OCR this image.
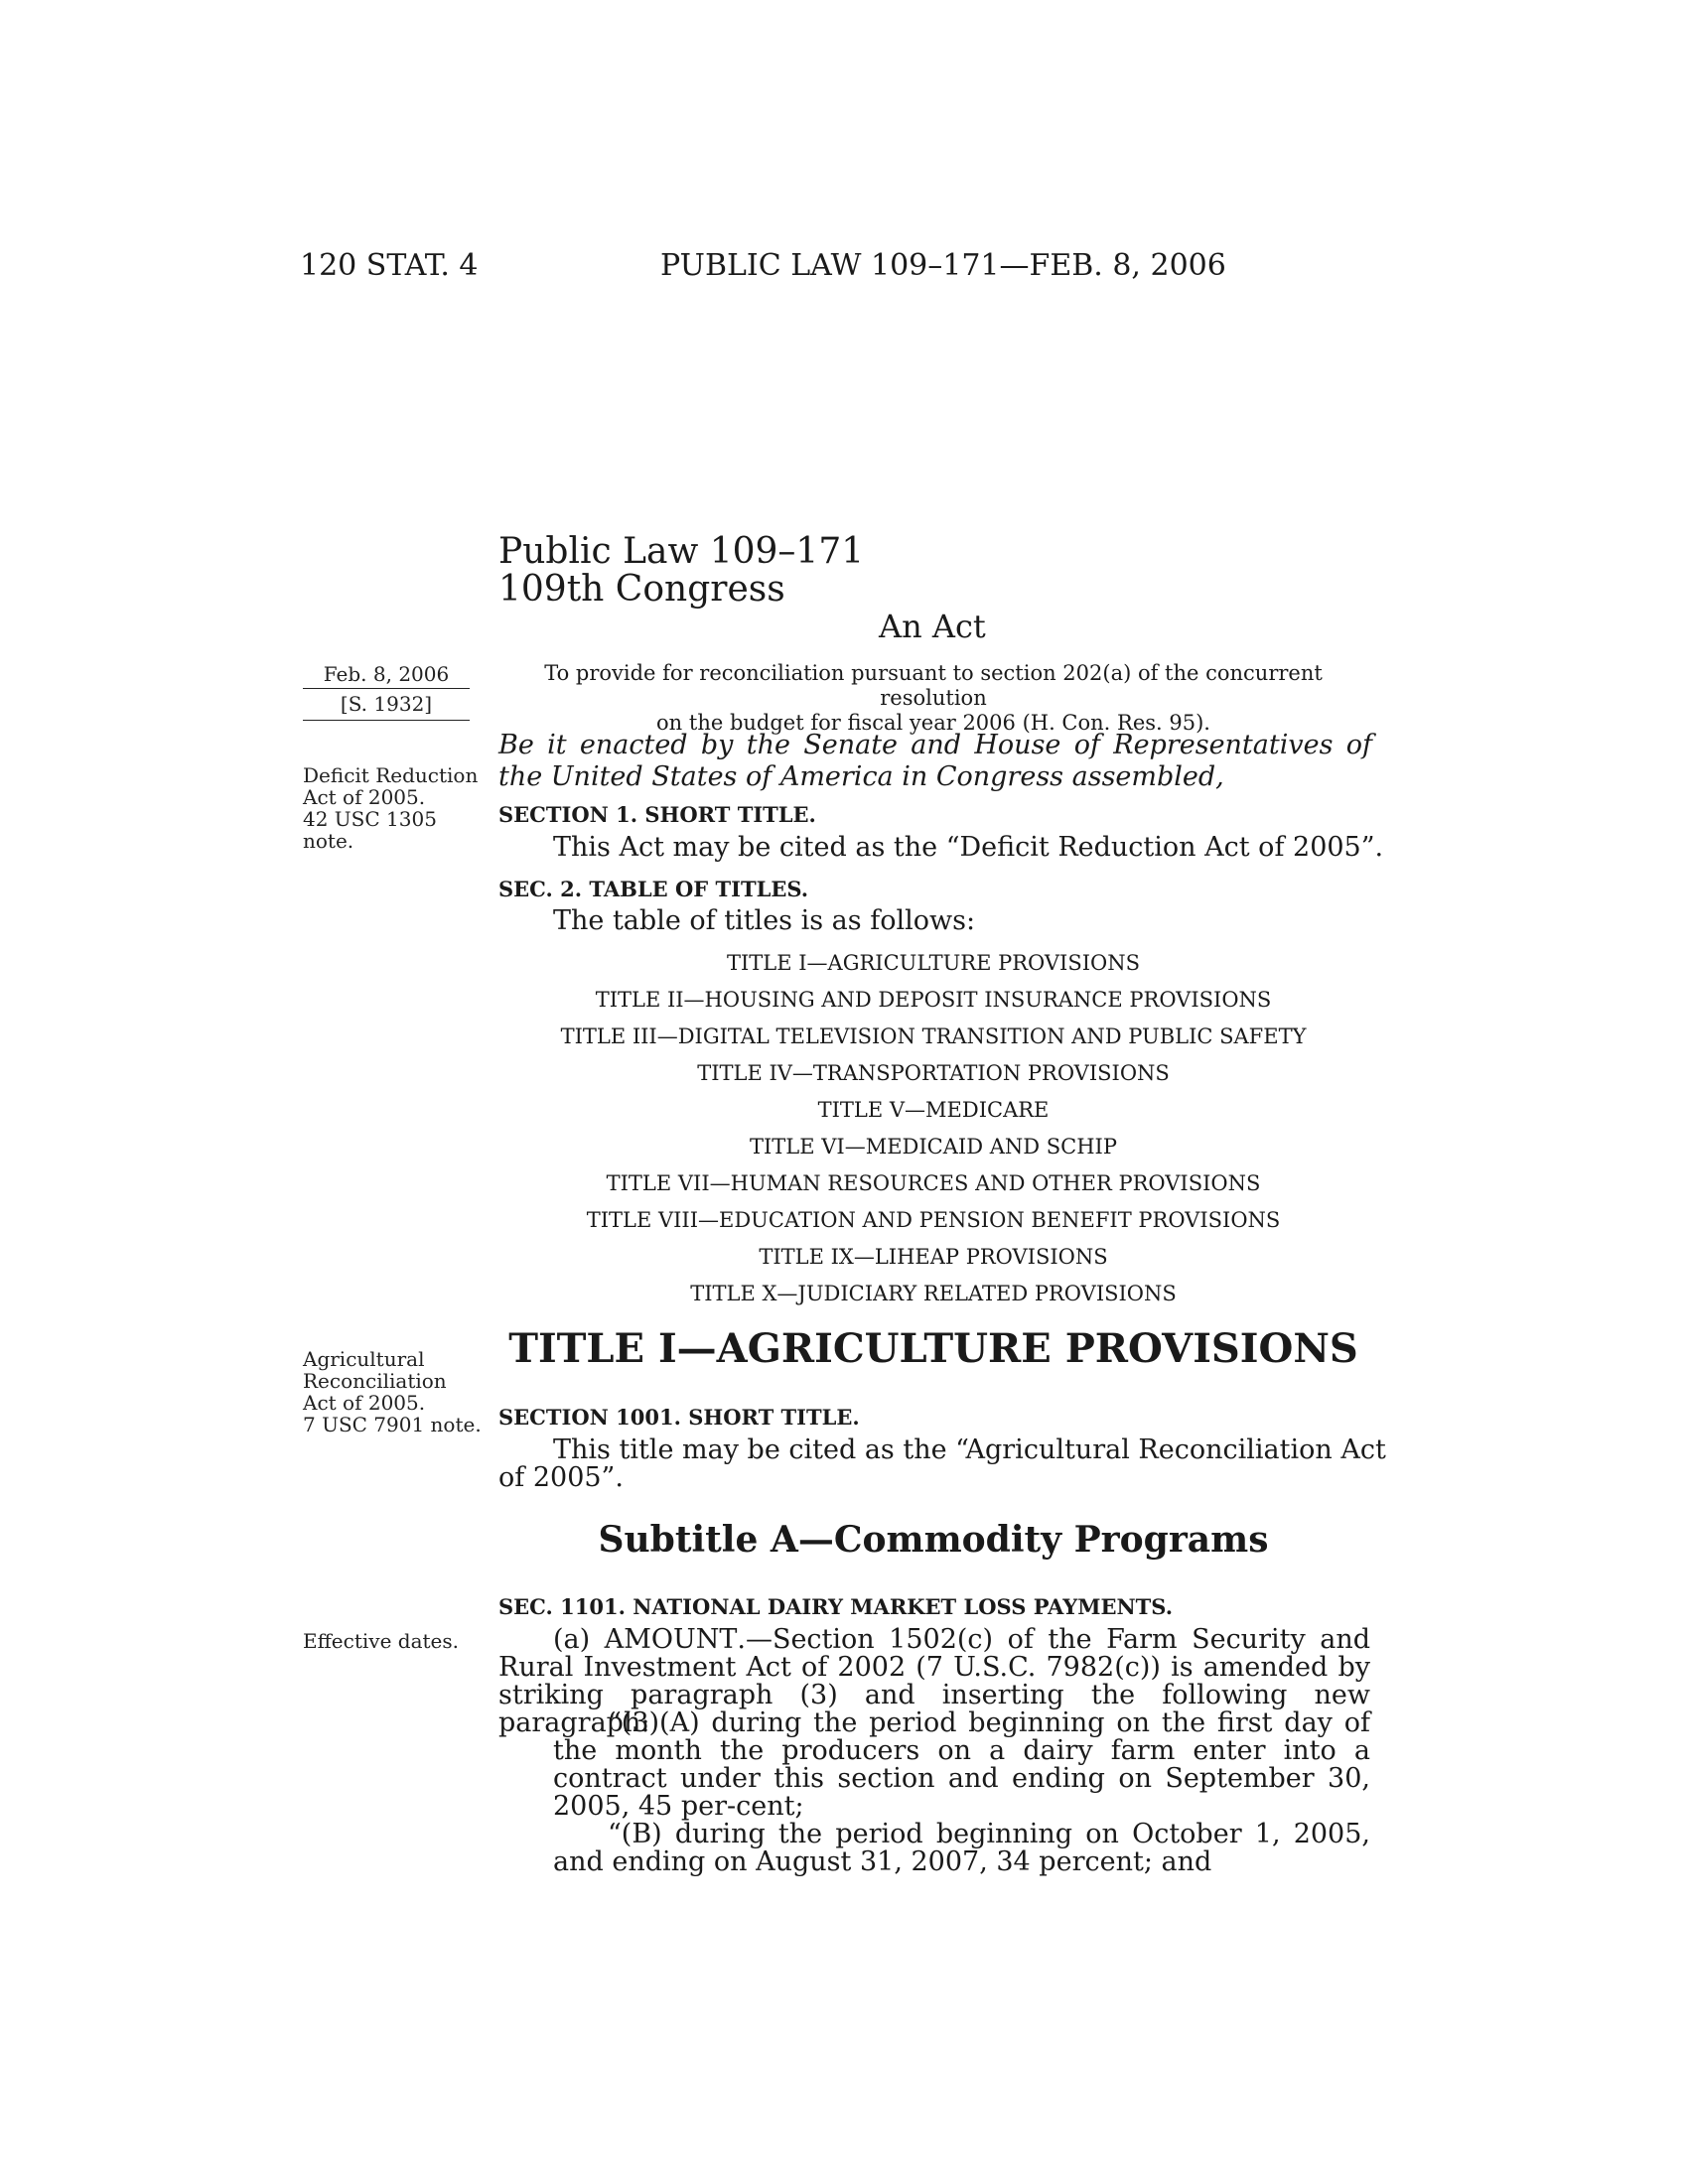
120 STAT. 4	PUBLIC LAW 109–171—FEB. 8, 2006
Public Law 109–171
109th Congress
An Act
Feb. 8, 2006
[S. 1932]
To provide for reconciliation pursuant to section 202(a) of the concurrent resolution
on the budget for fiscal year 2006 (H. Con. Res. 95).
Deficit Reduction
Act of 2005.
42 USC 1305
note.
Be it enacted by the Senate and House of Representatives of the United States of America in Congress assembled,
SECTION 1. SHORT TITLE.
This Act may be cited as the “Deficit Reduction Act of 2005”.
SEC. 2. TABLE OF TITLES.
The table of titles is as follows:
TITLE I—AGRICULTURE PROVISIONS
TITLE II—HOUSING AND DEPOSIT INSURANCE PROVISIONS
TITLE III—DIGITAL TELEVISION TRANSITION AND PUBLIC SAFETY
TITLE IV—TRANSPORTATION PROVISIONS
TITLE V—MEDICARE
TITLE VI—MEDICAID AND SCHIP
TITLE VII—HUMAN RESOURCES AND OTHER PROVISIONS
TITLE VIII—EDUCATION AND PENSION BENEFIT PROVISIONS
TITLE IX—LIHEAP PROVISIONS
TITLE X—JUDICIARY RELATED PROVISIONS
Agricultural
Reconciliation
Act of 2005.
7 USC 7901 note.
TITLE I—AGRICULTURE PROVISIONS
SECTION 1001. SHORT TITLE.
This title may be cited as the “Agricultural Reconciliation Act
of 2005”.
Subtitle A—Commodity Programs
SEC. 1101. NATIONAL DAIRY MARKET LOSS PAYMENTS.
Effective dates.	(a) AMOUNT.—Section 1502(c) of the Farm Security and Rural Investment Act of 2002 (7 U.S.C. 7982(c)) is amended by striking paragraph (3) and inserting the following new paragraph:
“(3)(A) during the period beginning on the first day of the month the producers on a dairy farm enter into a contract under this section and ending on September 30, 2005, 45 per-cent;
“(B) during the period beginning on October 1, 2005, and ending on August 31, 2007, 34 percent; and
